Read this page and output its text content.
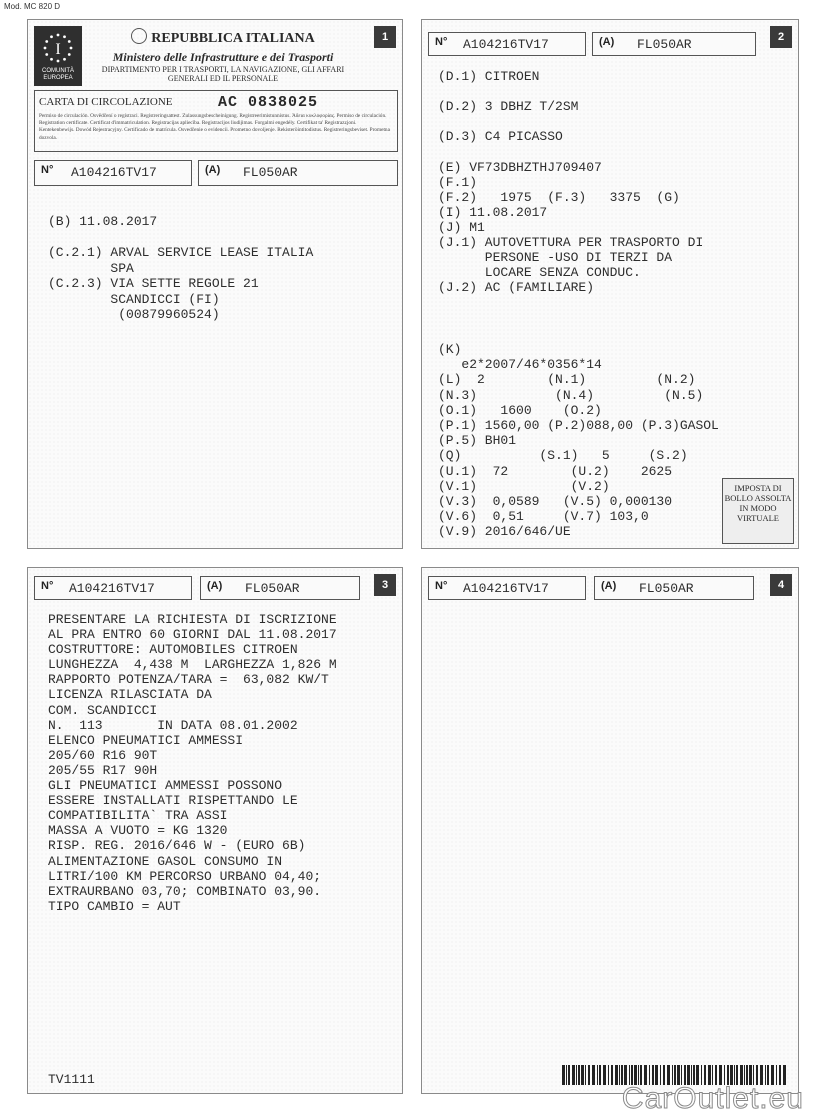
Mod. MC 820 D
I
COMUNITÀ EUROPEA
REPUBBLICA ITALIANA
Ministero delle Infrastrutture e dei Trasporti
DIPARTIMENTO PER I TRASPORTI, LA NAVIGAZIONE, GLI AFFARI GENERALI ED IL PERSONALE
1
CARTA DI CIRCOLAZIONE	AC 0838025
Permiso de circulación. Osvědčení o registraci. Registreringsattest. Zulassungsbescheinigung. Registreerimistunnistus. Άδεια κυκλοφορίας. Permiso de circulación. Registration certificate. Certificat d'immatriculation. Registracijas apliecība. Registracijos liudijimas. Forgalmi engedély. Certifikat ta' Registrazzjoni. Kentekenbewijs. Dowód Rejestracyjny. Certificado de matrícula. Osvedčenie o evidencii. Prometno dovoljenje. Rekisteröintitodistus. Registreringsbeviset. Prometna dozvola.
N° A104216TV17	(A) FL050AR
(B) 11.08.2017

(C.2.1) ARVAL SERVICE LEASE ITALIA
SPA
(C.2.3) VIA SETTE REGOLE 21
SCANDICCI (FI)
(00879960524)
N° A104216TV17	(A) FL050AR	2
(D.1) CITROEN

(D.2) 3 DBHZ T/2SM

(D.3) C4 PICASSO

(E) VF73DBHZTHJ709407
(F.1)
(F.2)   1975  (F.3)   3375  (G)
(I) 11.08.2017
(J) M1
(J.1) AUTOVETTURA PER TRASPORTO DI
PERSONE -USO DI TERZI DA
LOCARE SENZA CONDUC.
(J.2) AC (FAMILIARE)
(K)
e2*2007/46*0356*14
(L)  2        (N.1)         (N.2)
(N.3)          (N.4)         (N.5)
(O.1)   1600    (O.2)
(P.1) 1560,00 (P.2)088,00 (P.3)GASOL
(P.5) BH01
(Q)          (S.1)   5     (S.2)
(U.1)  72        (U.2)    2625
(V.1)            (V.2)
(V.3)  0,0589   (V.5) 0,000130
(V.6)  0,51     (V.7) 103,0
(V.9) 2016/646/UE
IMPOSTA DI BOLLO ASSOLTA IN MODO VIRTUALE
N° A104216TV17	(A) FL050AR	3
PRESENTARE LA RICHIESTA DI ISCRIZIONE
AL PRA ENTRO 60 GIORNI DAL 11.08.2017
COSTRUTTORE: AUTOMOBILES CITROEN
LUNGHEZZA  4,438 M  LARGHEZZA 1,826 M
RAPPORTO POTENZA/TARA =  63,082 KW/T
LICENZA RILASCIATA DA
COM. SCANDICCI
N.  113       IN DATA 08.01.2002
ELENCO PNEUMATICI AMMESSI
205/60 R16 90T
205/55 R17 90H
GLI PNEUMATICI AMMESSI POSSONO
ESSERE INSTALLATI RISPETTANDO LE
COMPATIBILITA` TRA ASSI
MASSA A VUOTO = KG 1320
RISP. REG. 2016/646 W - (EURO 6B)
ALIMENTAZIONE GASOL CONSUMO IN
LITRI/100 KM PERCORSO URBANO 04,40;
EXTRAURBANO 03,70; COMBINATO 03,90.
TIPO CAMBIO = AUT
TV1111
N° A104216TV17	(A) FL050AR	4
CarOutlet.eu
